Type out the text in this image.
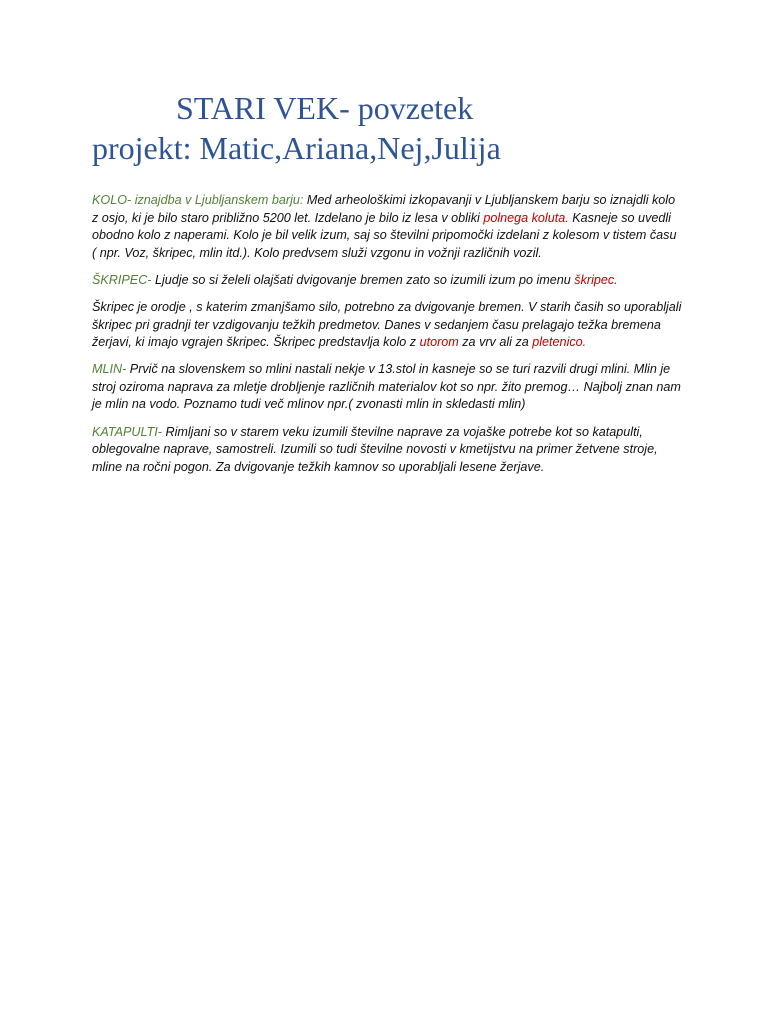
STARI VEK- povzetek
projekt: Matic,Ariana,Nej,Julija

KOLO- iznajdba v Ljubljanskem barju: Med arheološkimi izkopavanji v Ljubljanskem barju so iznajdli kolo z osjo, ki je bilo staro približno 5200 let. Izdelano je bilo iz lesa v obliki polnega koluta. Kasneje so uvedli obodno kolo z naperami. Kolo je bil velik izum, saj so številni pripomočki izdelani z kolesom v tistem času ( npr. Voz, škripec, mlin itd.). Kolo predvsem služi vzgonu in vožnji različnih vozil.

ŠKRIPEC- Ljudje so si želeli olajšati dvigovanje bremen zato so izumili izum po imenu škripec.

Škripec je orodje , s katerim zmanjšamo silo, potrebno za dvigovanje bremen. V starih časih so uporabljali škripec pri gradnji ter vzdigovanju težkih predmetov. Danes v sedanjem času prelagajo težka bremena žerjavi, ki imajo vgrajen škripec. Škripec predstavlja kolo z utorom za vrv ali za pletenico.

MLIN- Prvič na slovenskem so mlini nastali nekje v 13.stol in kasneje so se turi razvili drugi mlini. Mlin je stroj oziroma naprava za mletje drobljenje različnih materialov kot so npr. žito premog… Najbolj znan nam je mlin na vodo. Poznamo tudi več mlinov npr.( zvonasti mlin in skledasti mlin)

KATAPULTI- Rimljani so v starem veku izumili številne naprave za vojaške potrebe kot so katapulti, oblegovalne naprave, samostreli. Izumili so tudi številne novosti v kmetijstvu na primer žetvene stroje, mline na ročni pogon. Za dvigovanje težkih kamnov so uporabljali lesene žerjave.
